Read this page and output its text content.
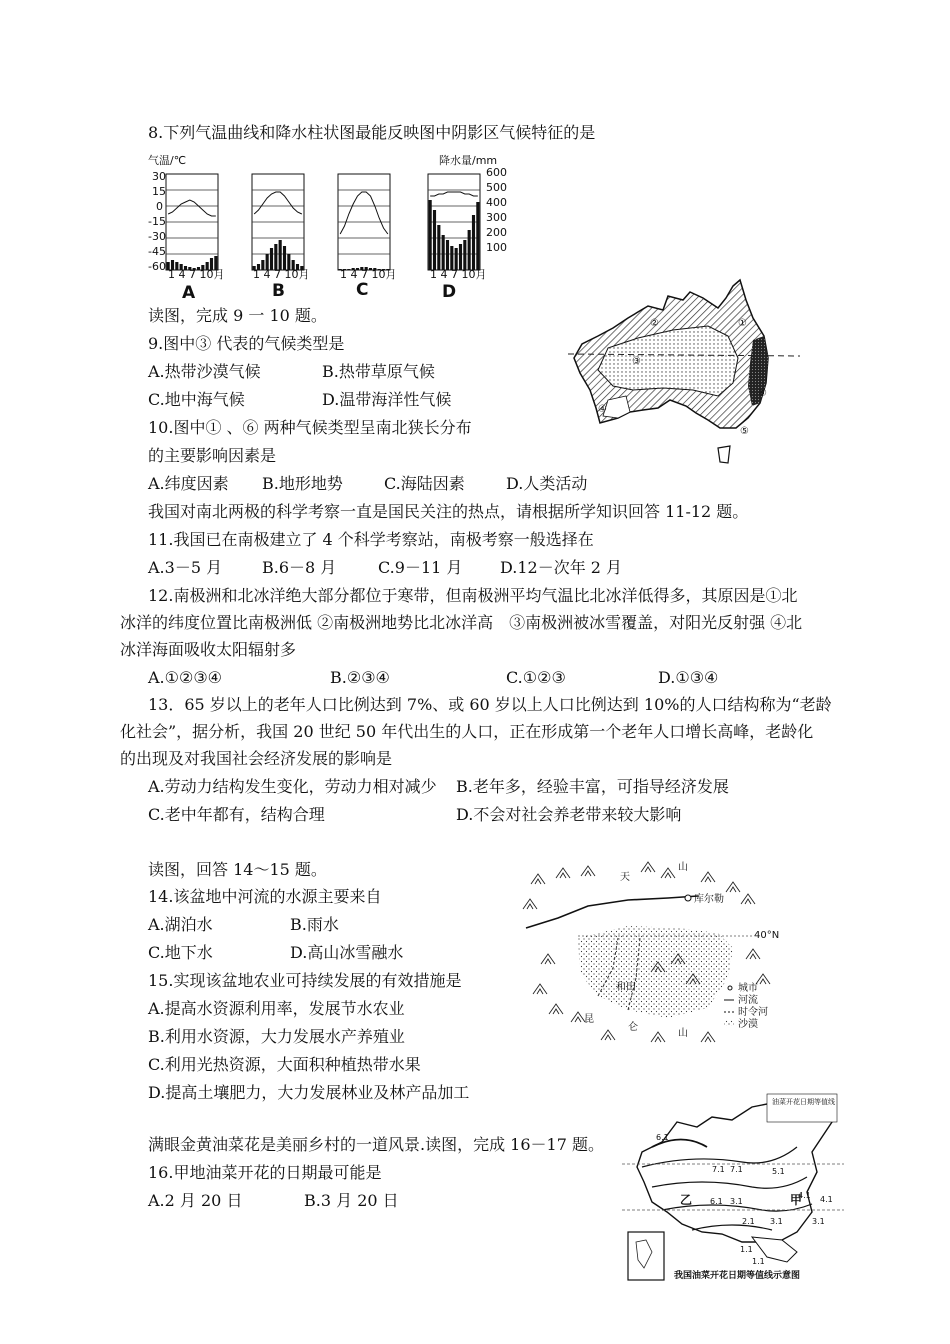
8.下列气温曲线和降水柱状图最能反映图中阴影区气候特征的是
气温/℃	降水量/mm
30
15
0
-15
-30
-45
-60
600
500
400
300
200
100
1 4 7 10月	1 4 7 10月	1 4 7 10月	1 4 7 10月
A	B	C	D
读图，完成 9 一 10 题。
9.图中③ 代表的气候类型是
A.热带沙漠气候	B.热带草原气候
C.地中海气候	D.温带海洋性气候
10.图中① 、⑥ 两种气候类型呈南北狭长分布
的主要影响因素是
A.纬度因素 B.地形地势	C.海陆因素	D.人类活动
②	①
③
④
⑤
⑥
我国对南北两极的科学考察一直是国民关注的热点，请根据所学知识回答 11-12 题。
11.我国已在南极建立了 4 个科学考察站，南极考察一般选择在
A.3－5 月 B.6－8 月	C.9－11 月 D.12－次年 2 月
12.南极洲和北冰洋绝大部分都位于寒带，但南极洲平均气温比北冰洋低得多，其原因是①北
冰洋的纬度位置比南极洲低 ②南极洲地势比北冰洋高　③南极洲被冰雪覆盖，对阳光反射强 ④北
冰洋海面吸收太阳辐射多
A.①②③④	B.②③④	C.①②③	D.①③④
13．65 岁以上的老年人口比例达到 7%、或 60 岁以上人口比例达到 10%的人口结构称为“老龄
化社会”，据分析，我国 20 世纪 50 年代出生的人口，正在形成第一个老年人口增长高峰，老龄化
的出现及对我国社会经济发展的影响是
A.劳动力结构发生变化，劳动力相对减少 B.老年多，经验丰富，可指导经济发展
C.老中年都有，结构合理	D.不会对社会养老带来较大影响
读图，回答 14～15 题。
14.该盆地中河流的水源主要来自
A.湖泊水	B.雨水
C.地下水	D.高山冰雪融水
15.实现该盆地农业可持续发展的有效措施是
A.提高水资源利用率，发展节水农业
B.利用水资源，大力发展水产养殖业
C.利用光热资源，大面积种植热带水果
D.提高土壤肥力，大力发展林业及林产品加工
天
山
库尔勒
40°N
和田
昆
仑
山
城市
河流
时令河
沙漠
满眼金黄油菜花是美丽乡村的一道风景.读图，完成 16－17 题。
16.甲地油菜开花的日期最可能是
A.2 月 20 日	B.3 月 20 日
油菜开花日期等值线
6.1
7.1 7.1	5.1
4.1
6.1 3.1
3.1
2.1
1.1
3.1
4.1
1.1
乙	甲
我国油菜开花日期等值线示意图
